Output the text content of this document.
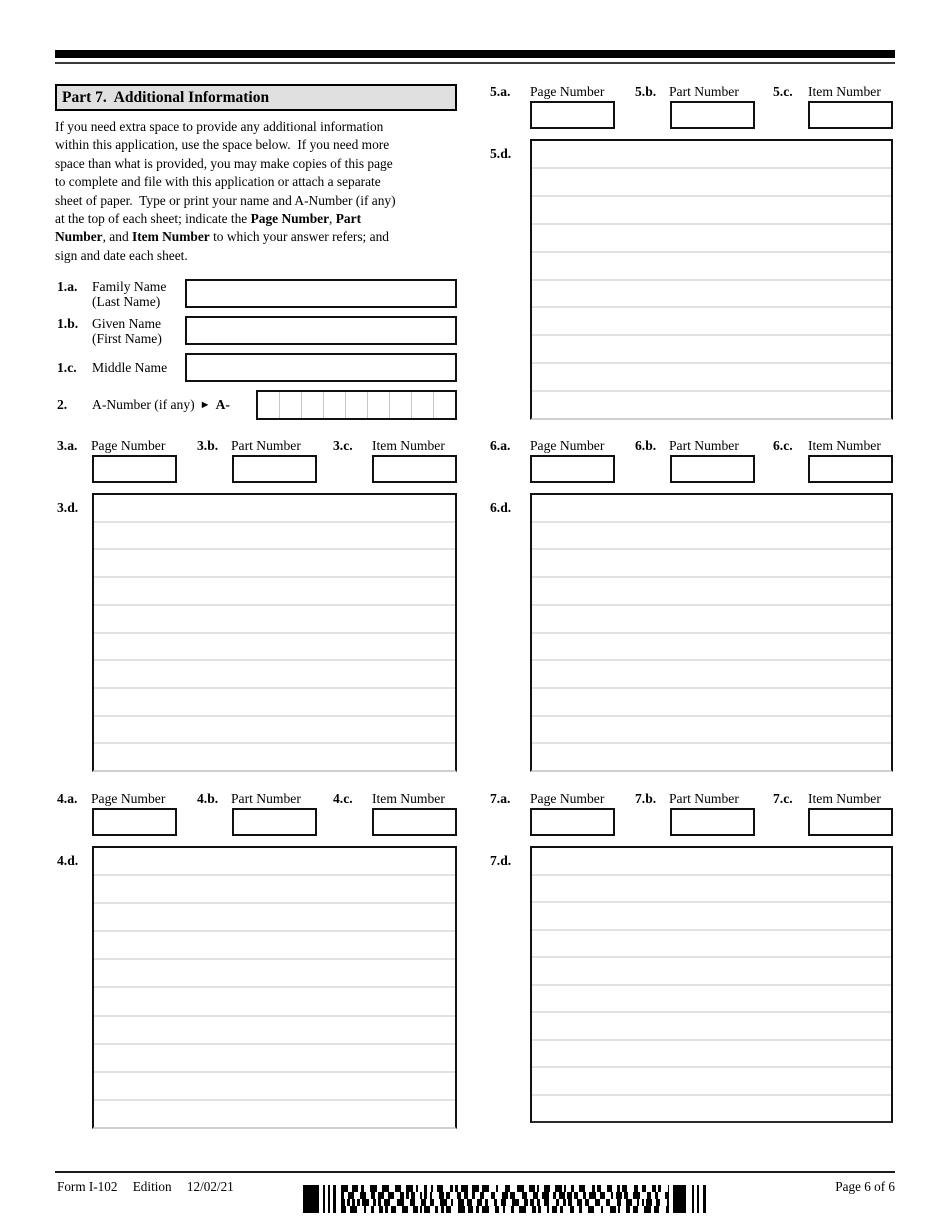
Part 7.  Additional Information
If you need extra space to provide any additional information
within this application, use the space below.  If you need more
space than what is provided, you may make copies of this page
to complete and file with this application or attach a separate
sheet of paper.  Type or print your name and A-Number (if any)
at the top of each sheet; indicate the Page Number, Part
Number, and Item Number to which your answer refers; and
sign and date each sheet.
1.a. Family Name
(Last Name)
1.b. Given Name
(First Name)
1.c. Middle Name
2. A-Number (if any) ► A-
3.a. Page Number 3.b. Part Number 3.c. Item Number
3.d.
4.a. Page Number 4.b. Part Number 4.c. Item Number
4.d.
5.a. Page Number 5.b. Part Number	5.c. Item Number
5.d.
6.a. Page Number 6.b. Part Number	6.c. Item Number
6.d.
7.a. Page Number 7.b. Part Number	7.c. Item Number
7.d.
Form I-102 Edition 12/02/21	Page 6 of 6
